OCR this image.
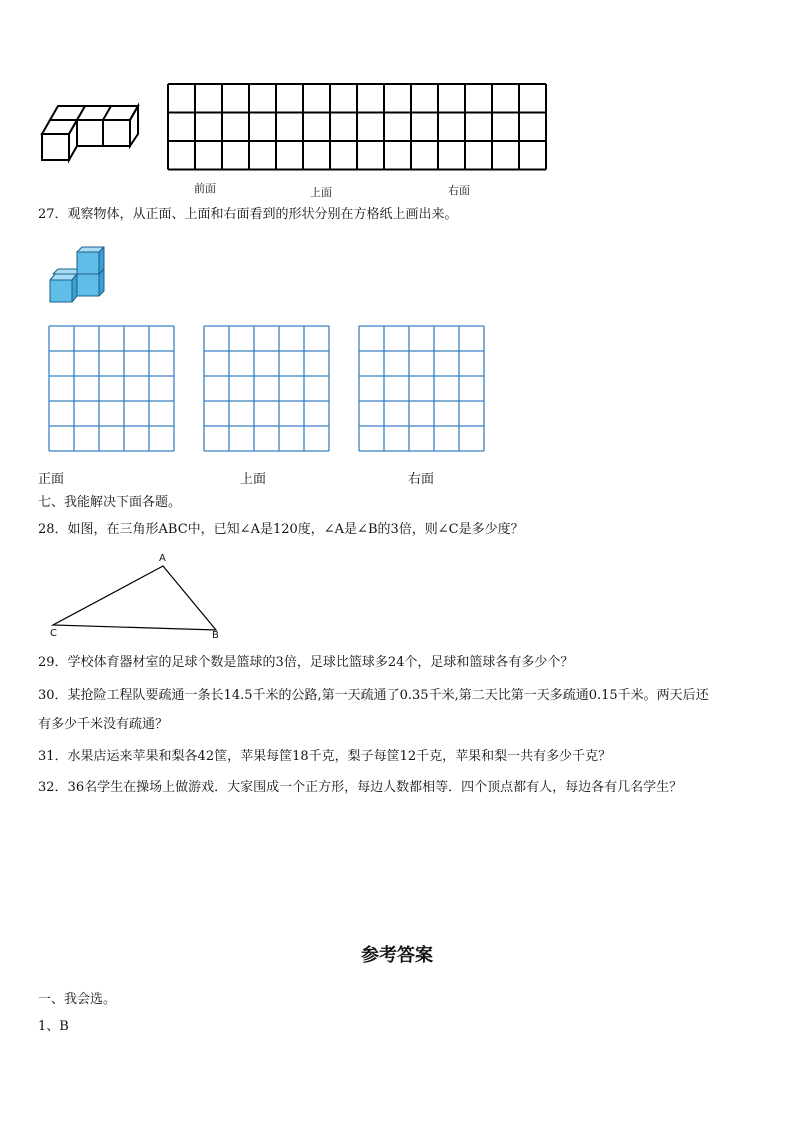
前面	上面	右面
27．观察物体，从正面、上面和右面看到的形状分别在方格纸上画出来。
正面	上面	右面
七、我能解决下面各题。
28．如图，在三角形ABC中，已知∠A是120度，∠A是∠B的3倍，则∠C是多少度？
A
C	B
29．学校体育器材室的足球个数是篮球的3倍，足球比篮球多24个，足球和篮球各有多少个？
30．某抢险工程队要疏通一条长14.5千米的公路,第一天疏通了0.35千米,第二天比第一天多疏通0.15千米。两天后还
有多少千米没有疏通？
31．水果店运来苹果和梨各42筐，苹果每筐18千克，梨子每筐12千克，苹果和梨一共有多少千克？
32．36名学生在操场上做游戏．大家围成一个正方形，每边人数都相等．四个顶点都有人，每边各有几名学生？
参考答案
一、我会选。
1、B
